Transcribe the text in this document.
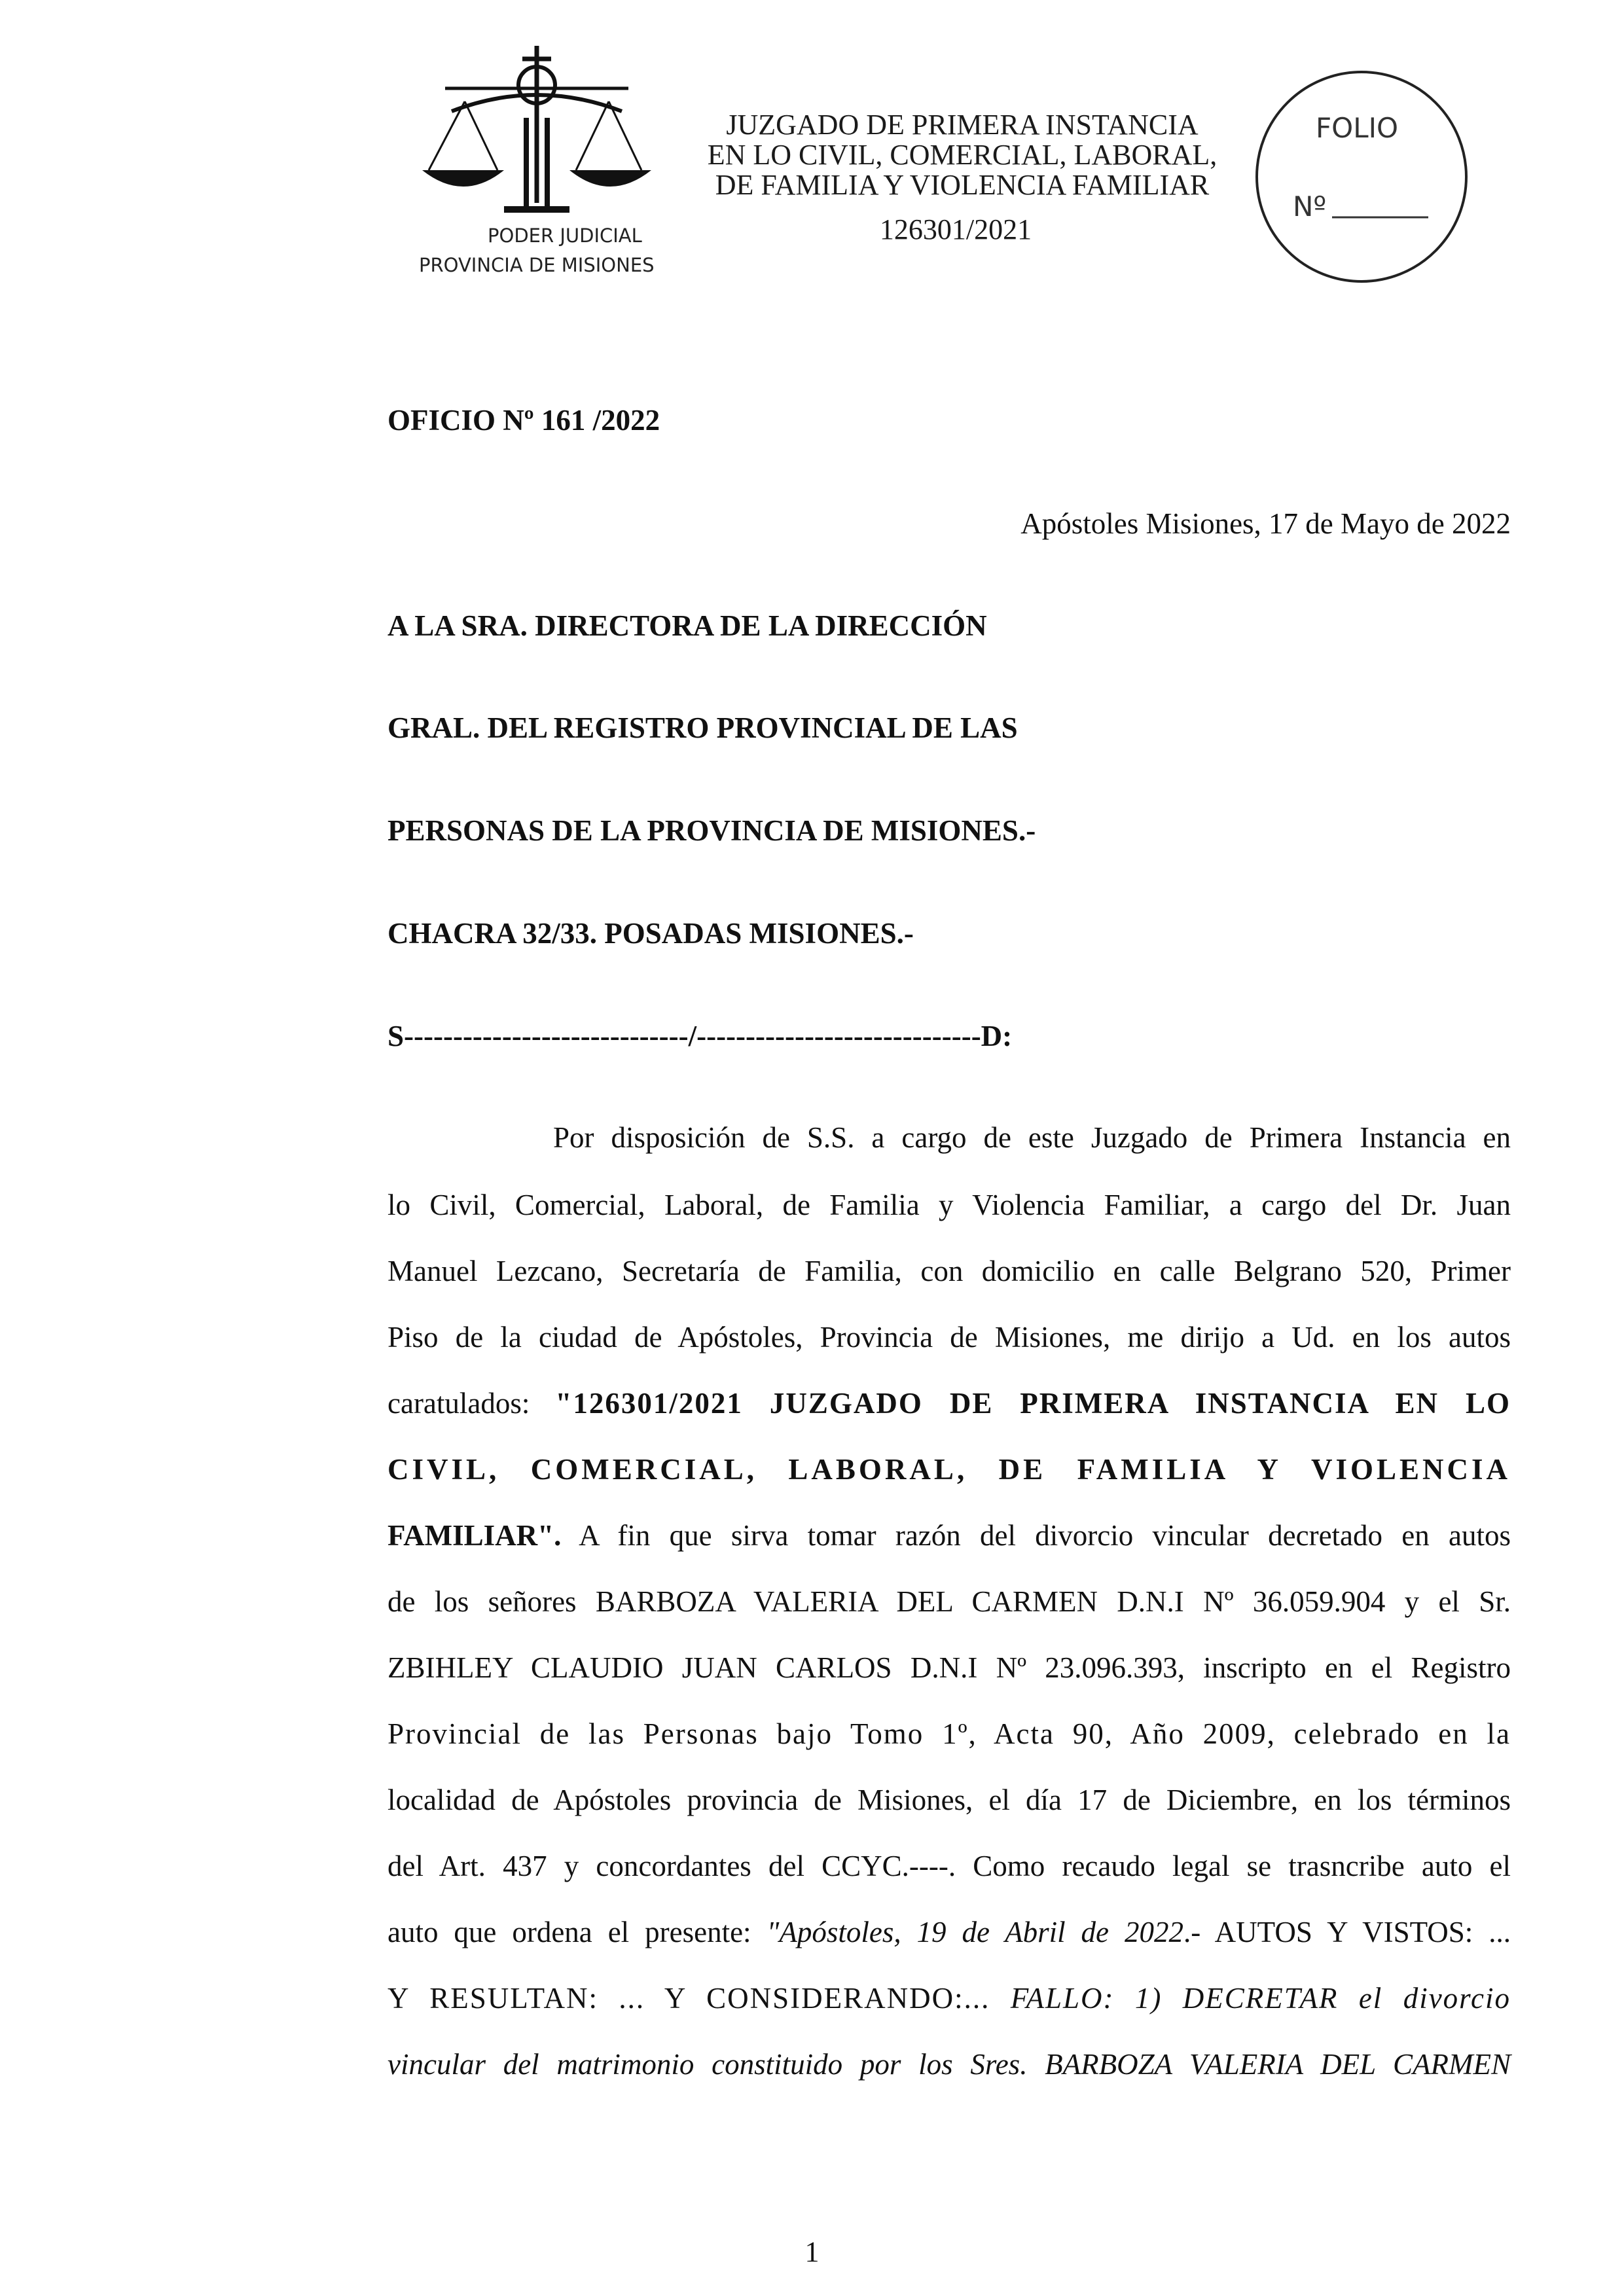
PODER JUDICIAL
PROVINCIA DE MISIONES
JUZGADO DE PRIMERA INSTANCIA
EN LO CIVIL, COMERCIAL, LABORAL,
DE FAMILIA Y VIOLENCIA FAMILIAR
126301/2021
FOLIO
Nº
OFICIO Nº 161 /2022
Apóstoles Misiones, 17 de Mayo de 2022
A LA SRA. DIRECTORA DE LA DIRECCIÓN
GRAL. DEL REGISTRO PROVINCIAL DE LAS
PERSONAS DE LA PROVINCIA DE MISIONES.-
CHACRA 32/33. POSADAS MISIONES.-
S-----------------------------/-----------------------------D:
Por disposición de S.S. a cargo de este Juzgado de Primera Instancia en
lo Civil, Comercial, Laboral, de Familia y Violencia Familiar, a cargo del Dr. Juan
Manuel Lezcano, Secretaría de Familia, con domicilio en calle Belgrano 520, Primer
Piso de la ciudad de Apóstoles, Provincia de Misiones, me dirijo a Ud. en los autos
caratulados: "126301/2021 JUZGADO DE PRIMERA INSTANCIA EN LO
CIVIL, COMERCIAL, LABORAL, DE FAMILIA Y VIOLENCIA
FAMILIAR". A fin que sirva tomar razón del divorcio vincular decretado en autos
de los señores BARBOZA VALERIA DEL CARMEN D.N.I Nº 36.059.904 y el Sr.
ZBIHLEY CLAUDIO JUAN CARLOS D.N.I Nº 23.096.393, inscripto en el Registro
Provincial de las Personas bajo Tomo 1º, Acta 90, Año 2009, celebrado en la
localidad de Apóstoles provincia de Misiones, el día 17 de Diciembre, en los términos
del Art. 437 y concordantes del CCYC.----. Como recaudo legal se trasncribe auto el
auto que ordena el presente: "Apóstoles, 19 de Abril de 2022.- AUTOS Y VISTOS: ...
Y RESULTAN: ... Y CONSIDERANDO:... FALLO: 1) DECRETAR el divorcio
vincular del matrimonio constituido por los Sres. BARBOZA VALERIA DEL CARMEN
1
